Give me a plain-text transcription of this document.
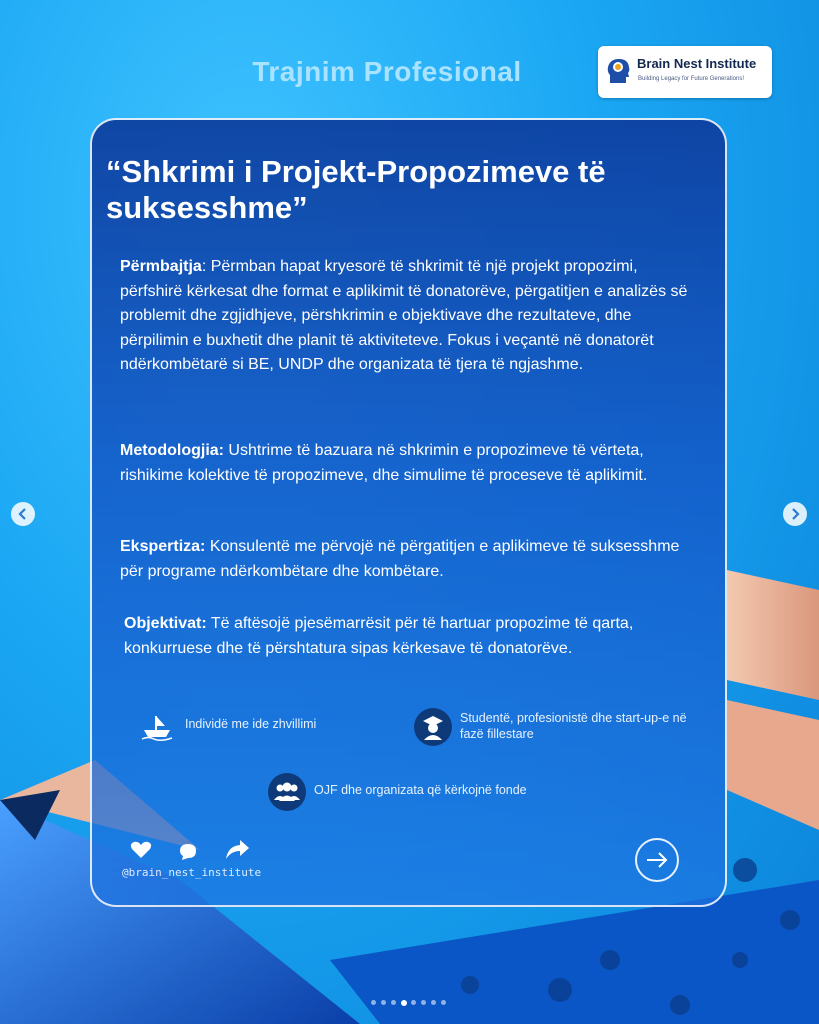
Trajnim Profesional	Brain Nest Institute
Building Legacy for Future Generations!
“Shkrimi i Projekt-Propozimeve të
suksesshme”
Përmbajtja: Përmban hapat kryesorë të shkrimit të një projekt propozimi, përfshirë kërkesat dhe format e aplikimit të donatorëve, përgatitjen e analizës së problemit dhe zgjidhjeve, përshkrimin e objektivave dhe rezultateve, dhe përpilimin e buxhetit dhe planit të aktiviteteve. Fokus i veçantë në donatorët ndërkombëtarë si BE, UNDP dhe organizata të tjera të ngjashme.
Metodologjia: Ushtrime të bazuara në shkrimin e propozimeve të vërteta, rishikime kolektive të propozimeve, dhe simulime të proceseve të aplikimit.
Ekspertiza: Konsulentë me përvojë në përgatitjen e aplikimeve të suksesshme për programe ndërkombëtare dhe kombëtare.
Objektivat: Të aftësojë pjesëmarrësit për të hartuar propozime të qarta, konkurruese dhe të përshtatura sipas kërkesave të donatorëve.
Individë me ide zhvillimi	Studentë, profesionistë dhe start-up-e në fazë fillestare
OJF dhe organizata që kërkojnë fonde
@brain_nest_institute
